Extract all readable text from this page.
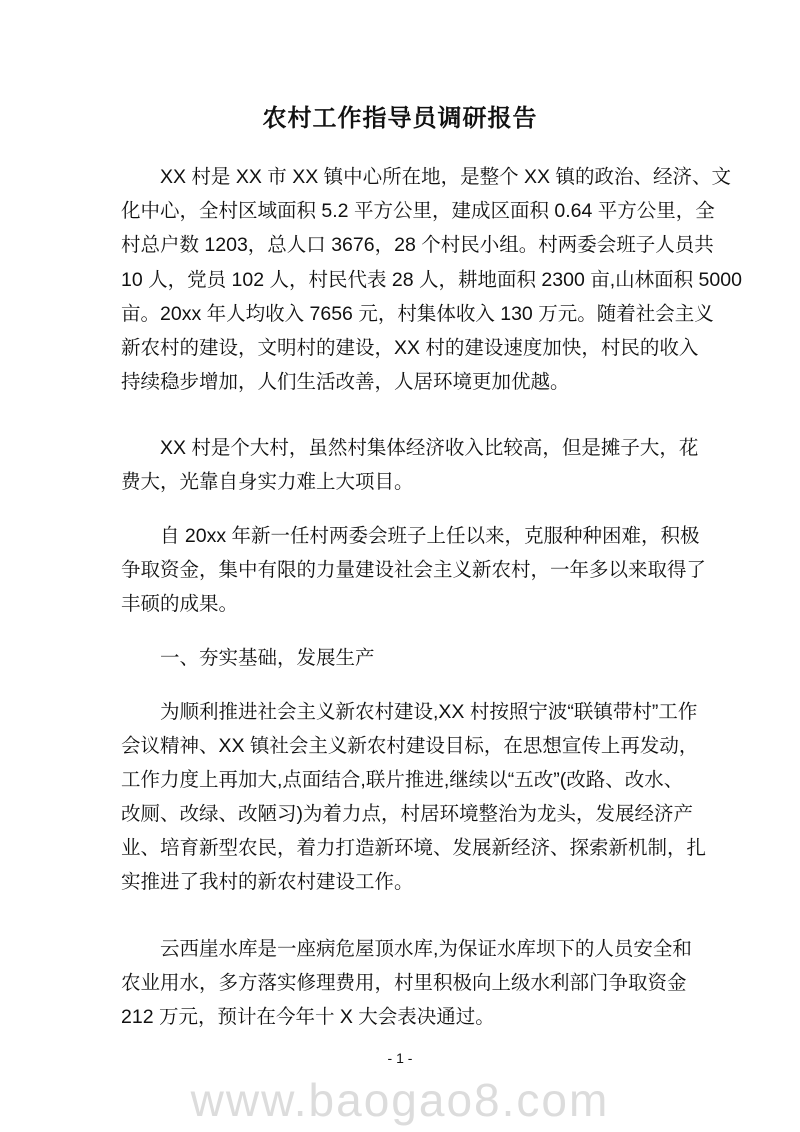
农村工作指导员调研报告
XX 村是 XX 市 XX 镇中心所在地，是整个 XX 镇的政治、经济、文
化中心，全村区域面积 5.2 平方公里，建成区面积 0.64 平方公里，全
村总户数 1203，总人口 3676，28 个村民小组。村两委会班子人员共
10 人，党员 102 人，村民代表 28 人，耕地面积 2300 亩,山林面积 5000
亩。20xx 年人均收入 7656 元，村集体收入 130 万元。随着社会主义
新农村的建设，文明村的建设，XX 村的建设速度加快，村民的收入
持续稳步增加，人们生活改善，人居环境更加优越。
XX 村是个大村，虽然村集体经济收入比较高，但是摊子大，花
费大，光靠自身实力难上大项目。
自 20xx 年新一任村两委会班子上任以来，克服种种困难，积极
争取资金，集中有限的力量建设社会主义新农村，一年多以来取得了
丰硕的成果。
一、夯实基础，发展生产
为顺利推进社会主义新农村建设,XX 村按照宁波“联镇带村”工作
会议精神、XX 镇社会主义新农村建设目标，在思想宣传上再发动，
工作力度上再加大,点面结合,联片推进,继续以“五改”(改路、改水、
改厕、改绿、改陋习)为着力点，村居环境整治为龙头，发展经济产
业、培育新型农民，着力打造新环境、发展新经济、探索新机制，扎
实推进了我村的新农村建设工作。
云西崖水库是一座病危屋顶水库,为保证水库坝下的人员安全和
农业用水，多方落实修理费用，村里积极向上级水利部门争取资金
212 万元，预计在今年十 X 大会表决通过。
- 1 -
www.baogao8.com
